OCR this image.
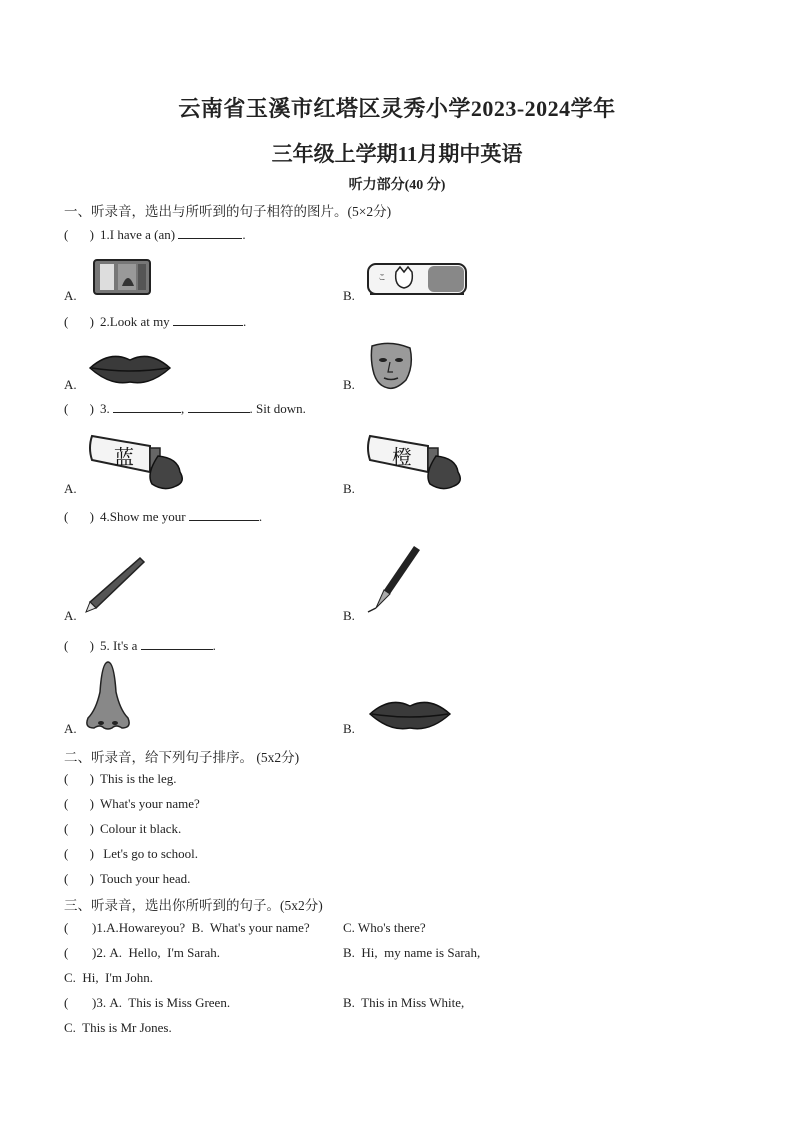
云南省玉溪市红塔区灵秀小学2023-2024学年
三年级上学期11月期中英语
听力部分(40 分)
一、听录音，选出与所听到的句子相符的图片。(5×2分)
( ) 1.I have a (an)	.
A.	B.
こ
( ) 2.Look at my	.
A.	B.
( ) 3.	,	. Sit down.
A.
蓝
B.
橙
( ) 4.Show me your	.
A.	B.
( ) 5. It's a	.
A.	B.
二、听录音，给下列句子排序。 (5x2分)
( ) This is the leg.
( ) What's your name?
( ) Colour it black.
( ) Let's go to school.
( ) Touch your head.
三、听录音，选出你所听到的句子。(5x2分)
( )1.A.Howareyou? B.  What's your name?	C. Who's there?
( )2. A.  Hello,  I'm Sarah.	B.  Hi,  my name is Sarah,
C.  Hi,  I'm John.
( )3. A.  This is Miss Green.	B.  This in Miss White,
C.  This is Mr Jones.
